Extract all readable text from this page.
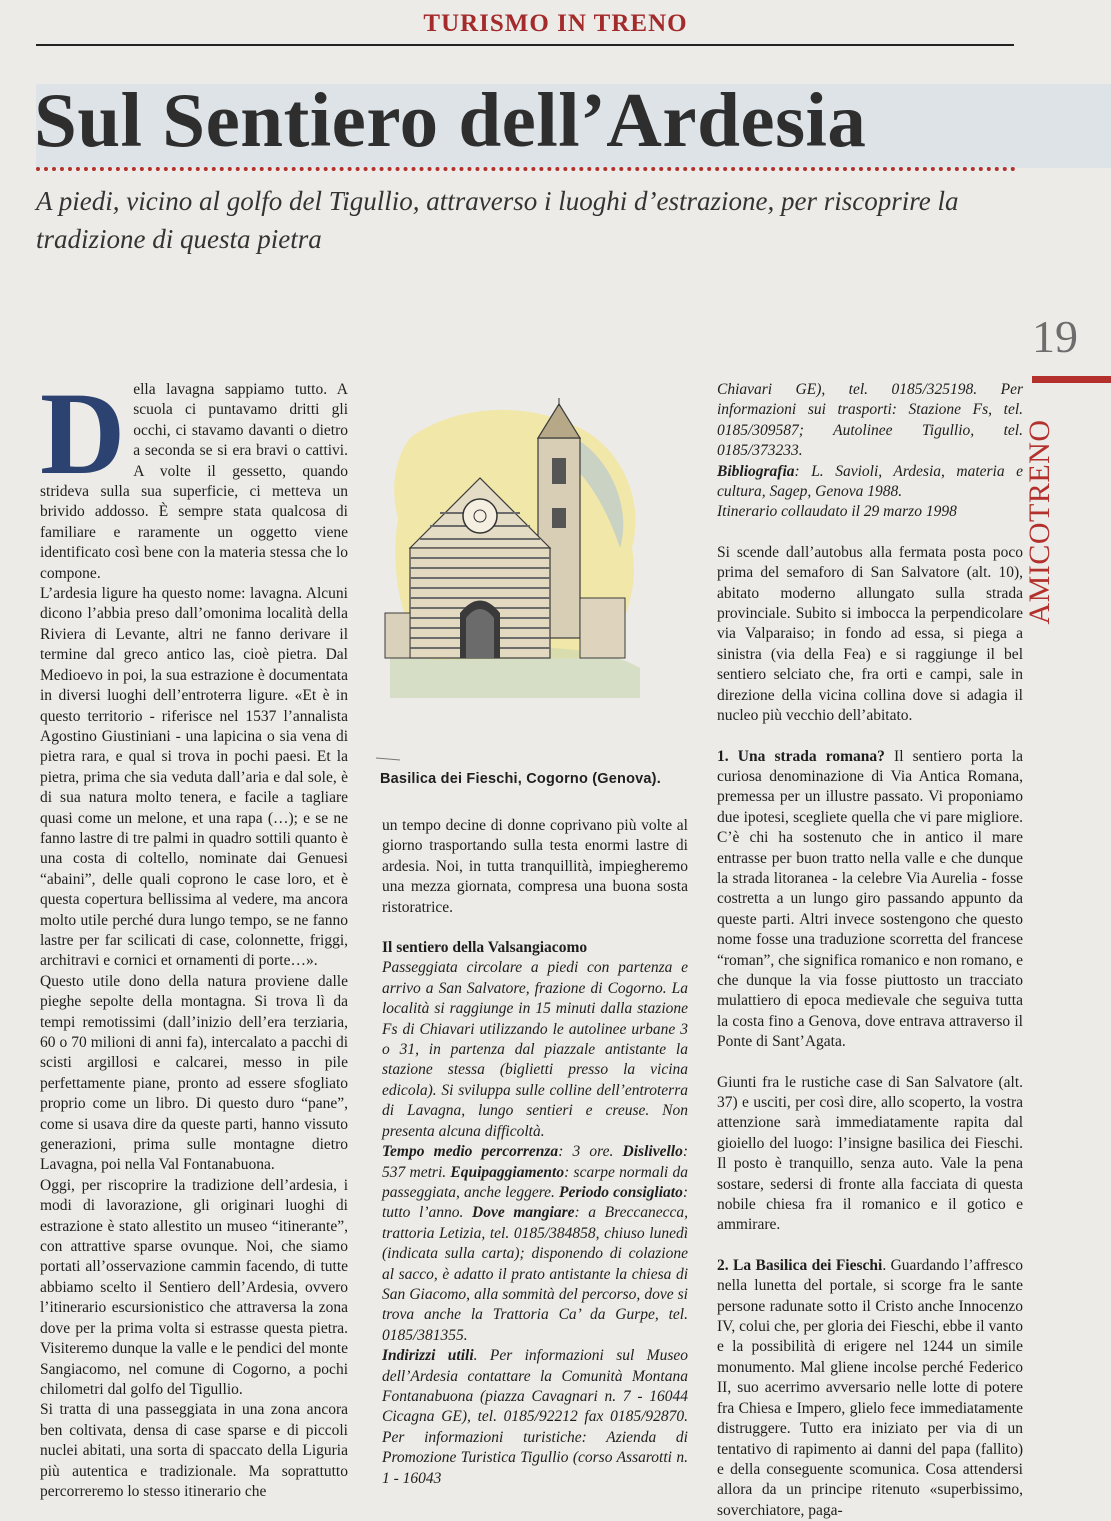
TURISMO IN TRENO
Sul Sentiero dell’Ardesia
A piedi, vicino al golfo del Tigullio, attraverso i luoghi d’estrazione, per riscoprire la tradizione di questa pietra
19
AMICOTRENO
D ella lavagna sappiamo tutto. A scuola ci puntavamo dritti gli occhi, ci stavamo davanti o dietro a seconda se si era bravi o cattivi. A volte il gessetto, quando strideva sulla sua superficie, ci metteva un brivido addosso. È sempre stata qualcosa di familiare e raramente un oggetto viene identificato così bene con la materia stessa che lo compone.

L’ardesia ligure ha questo nome: lavagna. Alcuni dicono l’abbia preso dall’omonima località della Riviera di Levante, altri ne fanno derivare il termine dal greco antico las, cioè pietra. Dal Medioevo in poi, la sua estrazione è documentata in diversi luoghi dell’entroterra ligure. «Et è in questo territorio - riferisce nel 1537 l’annalista Agostino Giustiniani - una lapicina o sia vena di pietra rara, e qual si trova in pochi paesi. Et la pietra, prima che sia veduta dall’aria e dal sole, è di sua natura molto tenera, e facile a tagliare quasi come un melone, et una rapa (…); e se ne fanno lastre di tre palmi in quadro sottili quanto è una costa di coltello, nominate dai Genuesi “abaini”, delle quali coprono le case loro, et è questa copertura bellissima al vedere, ma ancora molto utile perché dura lungo tempo, se ne fanno lastre per far scilicati di case, colonnette, friggi, architravi e cornici et ornamenti di porte…».

Questo utile dono della natura proviene dalle pieghe sepolte della montagna. Si trova lì da tempi remotissimi (dall’inizio dell’era terziaria, 60 o 70 milioni di anni fa), intercalato a pacchi di scisti argillosi e calcarei, messo in pile perfettamente piane, pronto ad essere sfogliato proprio come un libro. Di questo duro “pane”, come si usava dire da queste parti, hanno vissuto generazioni, prima sulle montagne dietro Lavagna, poi nella Val Fontanabuona.

Oggi, per riscoprire la tradizione dell’ardesia, i modi di lavorazione, gli originari luoghi di estrazione è stato allestito un museo “itinerante”, con attrattive sparse ovunque. Noi, che siamo portati all’osservazione cammin facendo, di tutte abbiamo scelto il Sentiero dell’Ardesia, ovvero l’itinerario escursionistico che attraversa la zona dove per la prima volta si estrasse questa pietra. Visiteremo dunque la valle e le pendici del monte Sangiacomo, nel comune di Cogorno, a pochi chilometri dal golfo del Tigullio.

Si tratta di una passeggiata in una zona ancora ben coltivata, densa di case sparse e di piccoli nuclei abitati, una sorta di spaccato della Liguria più autentica e tradizionale. Ma soprattutto percorreremo lo stesso itinerario che

Basilica dei Fieschi, Cogorno (Genova).

un tempo decine di donne coprivano più volte al giorno trasportando sulla testa enormi lastre di ardesia. Noi, in tutta tranquillità, impiegheremo una mezza giornata, compresa una buona sosta ristoratrice.

Il sentiero della Valsangiacomo

Passeggiata circolare a piedi con partenza e arrivo a San Salvatore, frazione di Cogorno. La località si raggiunge in 15 minuti dalla stazione Fs di Chiavari utilizzando le autolinee urbane 3 o 31, in partenza dal piazzale antistante la stazione stessa (biglietti presso la vicina edicola). Si sviluppa sulle colline dell’entroterra di Lavagna, lungo sentieri e creuse. Non presenta alcuna difficoltà.

Tempo medio percorrenza: 3 ore. Dislivello: 537 metri. Equipaggiamento: scarpe normali da passeggiata, anche leggere. Periodo consigliato: tutto l’anno. Dove mangiare: a Breccanecca, trattoria Letizia, tel. 0185/384858, chiuso lunedì (indicata sulla carta); disponendo di colazione al sacco, è adatto il prato antistante la chiesa di San Giacomo, alla sommità del percorso, dove si trova anche la Trattoria Ca’ da Gurpe, tel. 0185/381355.

Indirizzi utili. Per informazioni sul Museo dell’Ardesia contattare la Comunità Montana Fontanabuona (piazza Cavagnari n. 7 - 16044 Cicagna GE), tel. 0185/92212 fax 0185/92870. Per informazioni turistiche: Azienda di Promozione Turistica Tigullio (corso Assarotti n. 1 - 16043

Chiavari GE), tel. 0185/325198. Per informazioni sui trasporti: Stazione Fs, tel. 0185/309587; Autolinee Tigullio, tel. 0185/373233.

Bibliografia: L. Savioli, Ardesia, materia e cultura, Sagep, Genova 1988.

Itinerario collaudato il 29 marzo 1998

Si scende dall’autobus alla fermata posta poco prima del semaforo di San Salvatore (alt. 10), abitato moderno allungato sulla strada provinciale. Subito si imbocca la perpendicolare via Valparaiso; in fondo ad essa, si piega a sinistra (via della Fea) e si raggiunge il bel sentiero selciato che, fra orti e campi, sale in direzione della vicina collina dove si adagia il nucleo più vecchio dell’abitato.

1. Una strada romana? Il sentiero porta la curiosa denominazione di Via Antica Romana, premessa per un illustre passato. Vi proponiamo due ipotesi, scegliete quella che vi pare migliore. C’è chi ha sostenuto che in antico il mare entrasse per buon tratto nella valle e che dunque la strada litoranea - la celebre Via Aurelia - fosse costretta a un lungo giro passando appunto da queste parti. Altri invece sostengono che questo nome fosse una traduzione scorretta del francese “roman”, che significa romanico e non romano, e che dunque la via fosse piuttosto un tracciato mulattiero di epoca medievale che seguiva tutta la costa fino a Genova, dove entrava attraverso il Ponte di Sant’Agata.

Giunti fra le rustiche case di San Salvatore (alt. 37) e usciti, per così dire, allo scoperto, la vostra attenzione sarà immediatamente rapita dal gioiello del luogo: l’insigne basilica dei Fieschi. Il posto è tranquillo, senza auto. Vale la pena sostare, sedersi di fronte alla facciata di questa nobile chiesa fra il romanico e il gotico e ammirare.

2. La Basilica dei Fieschi. Guardando l’affresco nella lunetta del portale, si scorge fra le sante persone radunate sotto il Cristo anche Innocenzo IV, colui che, per gloria dei Fieschi, ebbe il vanto e la possibilità di erigere nel 1244 un simile monumento. Mal gliene incolse perché Federico II, suo acerrimo avversario nelle lotte di potere fra Chiesa e Impero, glielo fece immediatamente distruggere. Tutto era iniziato per via di un tentativo di rapimento ai danni del papa (fallito) e della conseguente scomunica. Cosa attendersi allora da un principe ritenuto «superbissimo, soverchiatore, paga-
